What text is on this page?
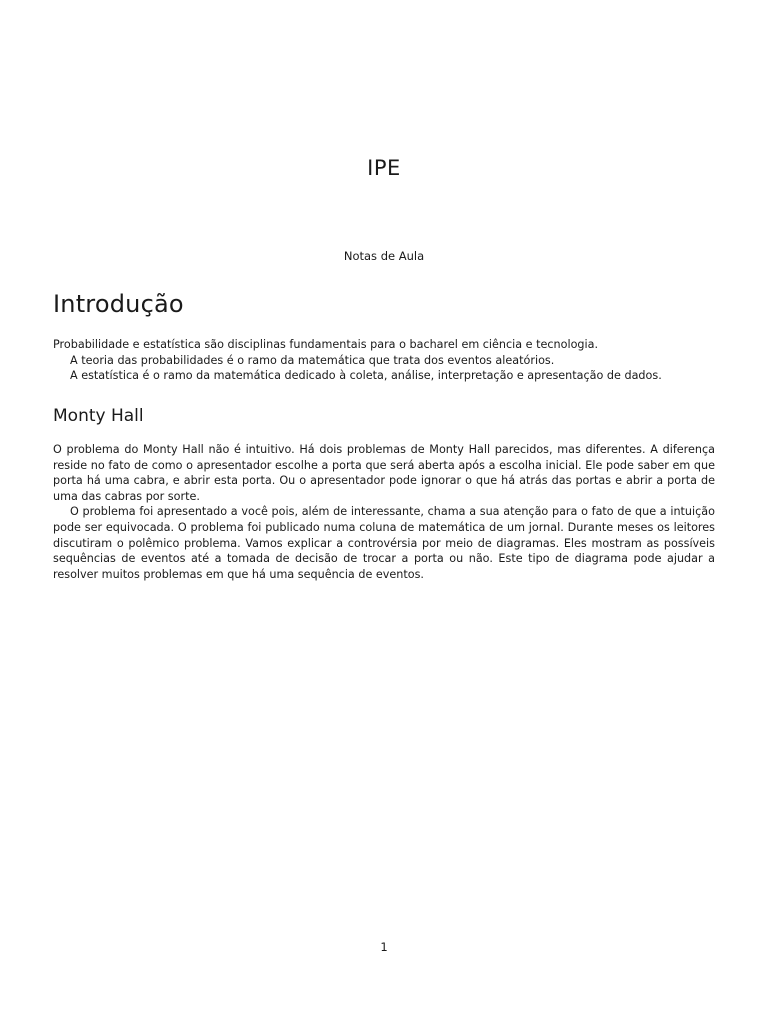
IPE
Notas de Aula
Introdução

Probabilidade e estatística são disciplinas fundamentais para o bacharel em ciência e tecnologia.

A teoria das probabilidades é o ramo da matemática que trata dos eventos aleatórios.

A estatística é o ramo da matemática dedicado à coleta, análise, interpretação e apresentação de dados.

Monty Hall

O problema do Monty Hall não é intuitivo. Há dois problemas de Monty Hall parecidos, mas diferentes. A diferença reside no fato de como o apresentador escolhe a porta que será aberta após a escolha inicial. Ele pode saber em que porta há uma cabra, e abrir esta porta. Ou o apresentador pode ignorar o que há atrás das portas e abrir a porta de uma das cabras por sorte.

O problema foi apresentado a você pois, além de interessante, chama a sua atenção para o fato de que a intuição pode ser equivocada. O problema foi publicado numa coluna de matemática de um jornal. Durante meses os leitores discutiram o polêmico problema. Vamos explicar a controvérsia por meio de diagramas. Eles mostram as possíveis sequências de eventos até a tomada de decisão de trocar a porta ou não. Este tipo de diagrama pode ajudar a resolver muitos problemas em que há uma sequência de eventos.

1
